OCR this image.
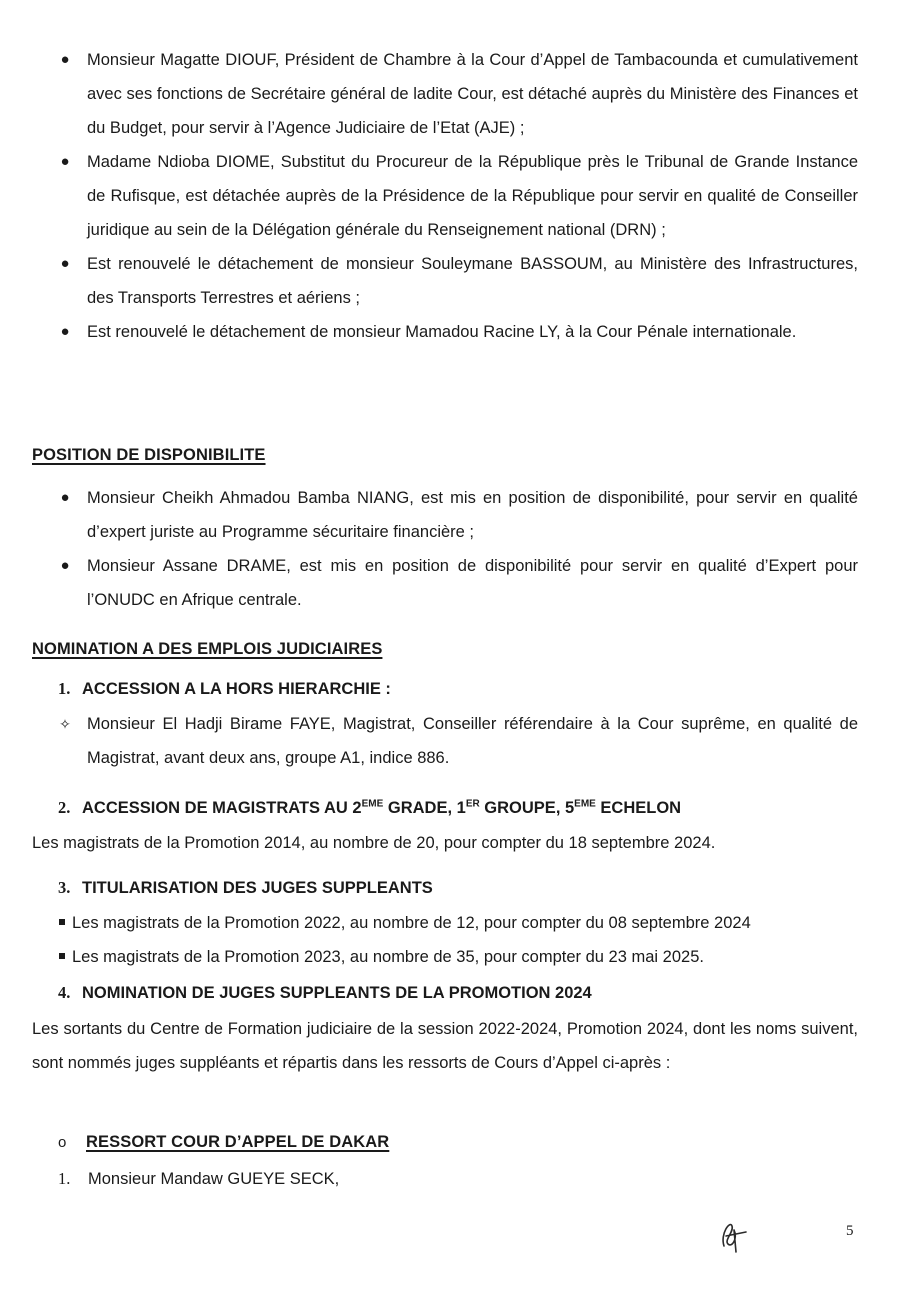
●	Monsieur Magatte DIOUF, Président de Chambre à la Cour d’Appel de Tambacounda et cumulativement avec ses fonctions de Secrétaire général de ladite Cour, est détaché auprès du Ministère des Finances et du Budget, pour servir à l’Agence Judiciaire de l’Etat (AJE) ;
●	Madame Ndioba DIOME, Substitut du Procureur de la République près le Tribunal de Grande Instance de Rufisque, est détachée auprès de la Présidence de la République pour servir en qualité de Conseiller juridique au sein de la Délégation générale du Renseignement national (DRN) ;
●	Est renouvelé le détachement de monsieur Souleymane BASSOUM, au Ministère des Infrastructures, des Transports Terrestres et aériens ;
●	Est renouvelé le détachement de monsieur Mamadou Racine LY, à la Cour Pénale internationale.
POSITION DE DISPONIBILITE
●	Monsieur Cheikh Ahmadou Bamba NIANG, est mis en position de disponibilité, pour servir en qualité d’expert juriste au Programme sécuritaire financière ;
●	Monsieur Assane DRAME, est mis en position de disponibilité pour servir en qualité d’Expert pour l’ONUDC en Afrique centrale.
NOMINATION A DES EMPLOIS JUDICIAIRES
1. ACCESSION A LA HORS HIERARCHIE :
✧ Monsieur El Hadji Birame FAYE, Magistrat, Conseiller référendaire à la Cour suprême, en qualité de Magistrat, avant deux ans, groupe A1, indice 886.
2. ACCESSION DE MAGISTRATS AU 2EME GRADE, 1ER GROUPE, 5EME ECHELON
Les magistrats de la Promotion 2014, au nombre de 20, pour compter du 18 septembre 2024.
3. TITULARISATION DES JUGES SUPPLEANTS
Les magistrats de la Promotion 2022, au nombre de 12, pour compter du 08 septembre 2024
Les magistrats de la Promotion 2023, au nombre de 35, pour compter du 23 mai 2025.
4. NOMINATION DE JUGES SUPPLEANTS DE LA PROMOTION 2024
Les sortants du Centre de Formation judiciaire de la session 2022-2024, Promotion 2024, dont les noms suivent, sont nommés juges suppléants et répartis dans les ressorts de Cours d’Appel ci-après :
o RESSORT COUR D’APPEL DE DAKAR
1. Monsieur Mandaw GUEYE SECK,
5
